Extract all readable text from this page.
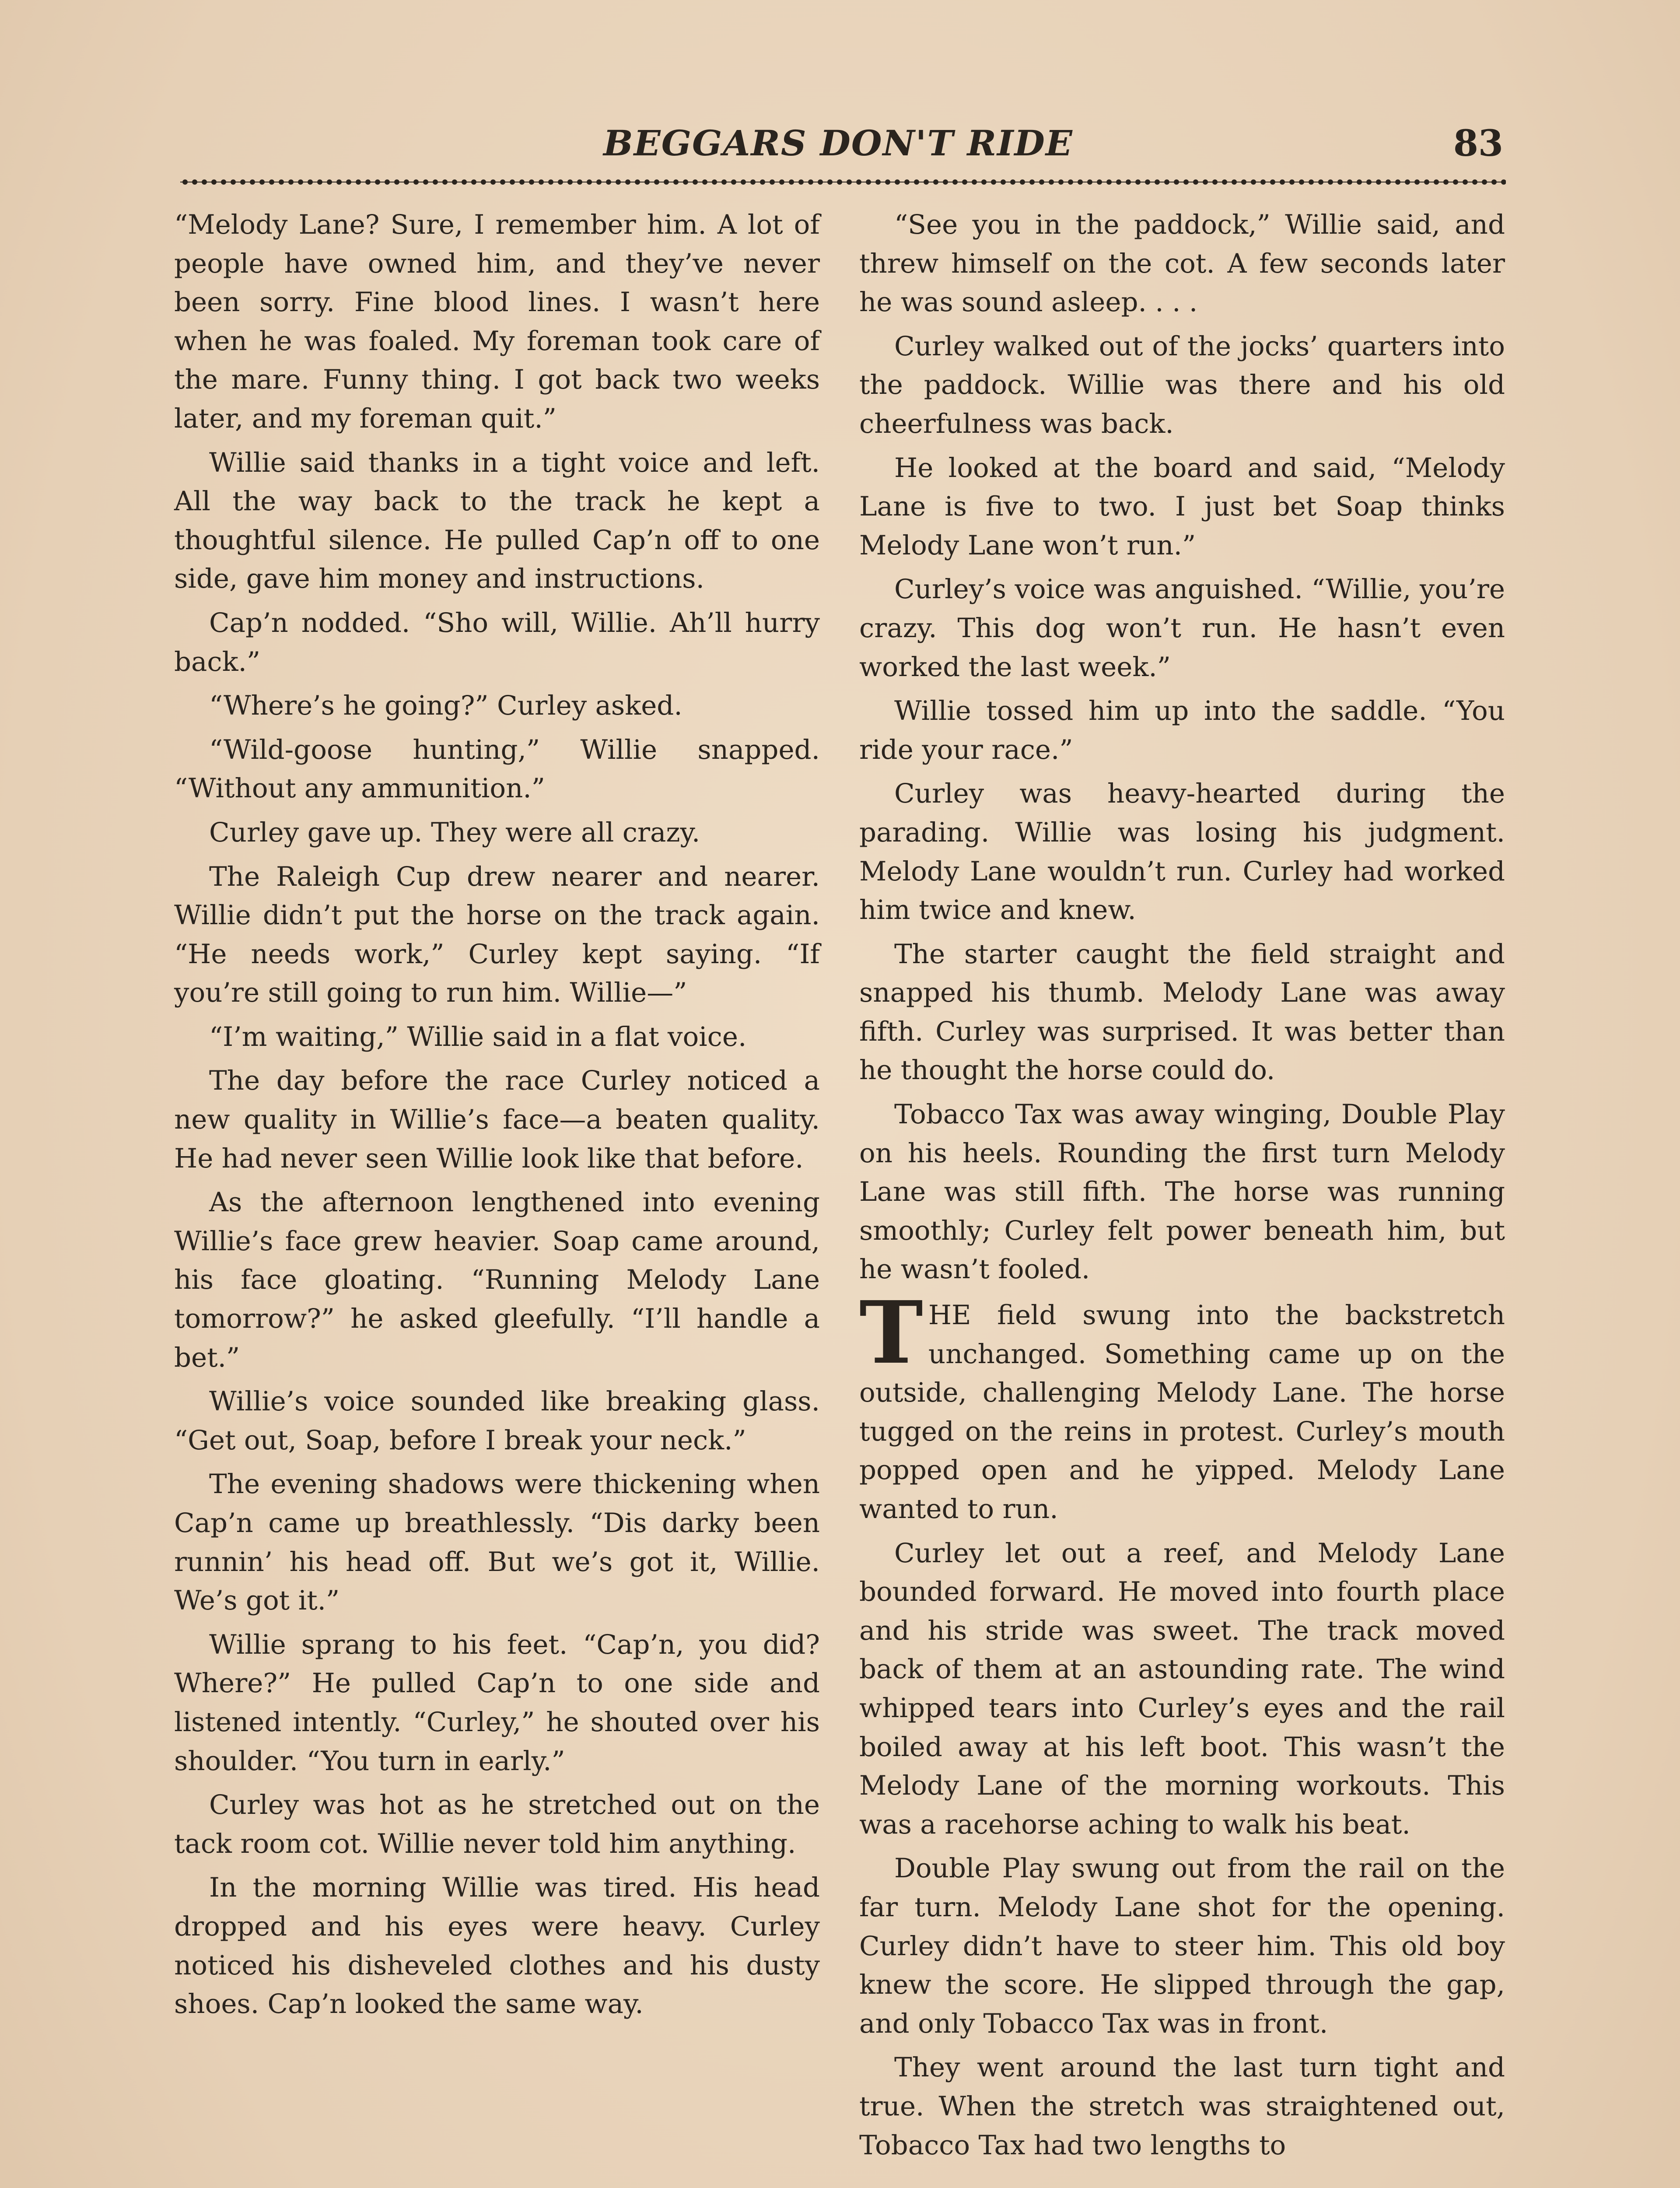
BEGGARS DON'T RIDE	83

“Melody Lane? Sure, I remember him. A lot of people have owned him, and they’ve never been sorry. Fine blood lines. I wasn’t here when he was foaled. My foreman took care of the mare. Funny thing. I got back two weeks later, and my foreman quit.”

Willie said thanks in a tight voice and left. All the way back to the track he kept a thoughtful silence. He pulled Cap’n off to one side, gave him money and instructions.

Cap’n nodded. “Sho will, Willie. Ah’ll hurry back.”

“Where’s he going?” Curley asked.

“Wild-goose hunting,” Willie snapped. “Without any ammunition.”

Curley gave up. They were all crazy.

The Raleigh Cup drew nearer and nearer. Willie didn’t put the horse on the track again. “He needs work,” Curley kept saying. “If you’re still going to run him. Willie—”

“I’m waiting,” Willie said in a flat voice.

The day before the race Curley noticed a new quality in Willie’s face—a beaten quality. He had never seen Willie look like that before.

As the afternoon lengthened into evening Willie’s face grew heavier. Soap came around, his face gloating. “Running Melody Lane tomorrow?” he asked gleefully. “I’ll handle a bet.”

Willie’s voice sounded like breaking glass. “Get out, Soap, before I break your neck.”

The evening shadows were thickening when Cap’n came up breathlessly. “Dis darky been runnin’ his head off. But we’s got it, Willie. We’s got it.”

Willie sprang to his feet. “Cap’n, you did? Where?” He pulled Cap’n to one side and listened intently. “Curley,” he shouted over his shoulder. “You turn in early.”

Curley was hot as he stretched out on the tack room cot. Willie never told him anything.

In the morning Willie was tired. His head dropped and his eyes were heavy. Curley noticed his disheveled clothes and his dusty shoes. Cap’n looked the same way.

“See you in the paddock,” Willie said, and threw himself on the cot. A few seconds later he was sound asleep. . . .

Curley walked out of the jocks’ quarters into the paddock. Willie was there and his old cheerfulness was back.

He looked at the board and said, “Melody Lane is five to two. I just bet Soap thinks Melody Lane won’t run.”

Curley’s voice was anguished. “Willie, you’re crazy. This dog won’t run. He hasn’t even worked the last week.”

Willie tossed him up into the saddle. “You ride your race.”

Curley was heavy-hearted during the parading. Willie was losing his judgment. Melody Lane wouldn’t run. Curley had worked him twice and knew.

The starter caught the field straight and snapped his thumb. Melody Lane was away fifth. Curley was surprised. It was better than he thought the horse could do.

Tobacco Tax was away winging, Double Play on his heels. Rounding the first turn Melody Lane was still fifth. The horse was running smoothly; Curley felt power beneath him, but he wasn’t fooled.

THE field swung into the backstretch unchanged. Something came up on the outside, challenging Melody Lane. The horse tugged on the reins in protest. Curley’s mouth popped open and he yipped. Melody Lane wanted to run.

Curley let out a reef, and Melody Lane bounded forward. He moved into fourth place and his stride was sweet. The track moved back of them at an astounding rate. The wind whipped tears into Curley’s eyes and the rail boiled away at his left boot. This wasn’t the Melody Lane of the morning workouts. This was a racehorse aching to walk his beat.

Double Play swung out from the rail on the far turn. Melody Lane shot for the opening. Curley didn’t have to steer him. This old boy knew the score. He slipped through the gap, and only Tobacco Tax was in front.

They went around the last turn tight and true. When the stretch was straightened out, Tobacco Tax had two lengths to
